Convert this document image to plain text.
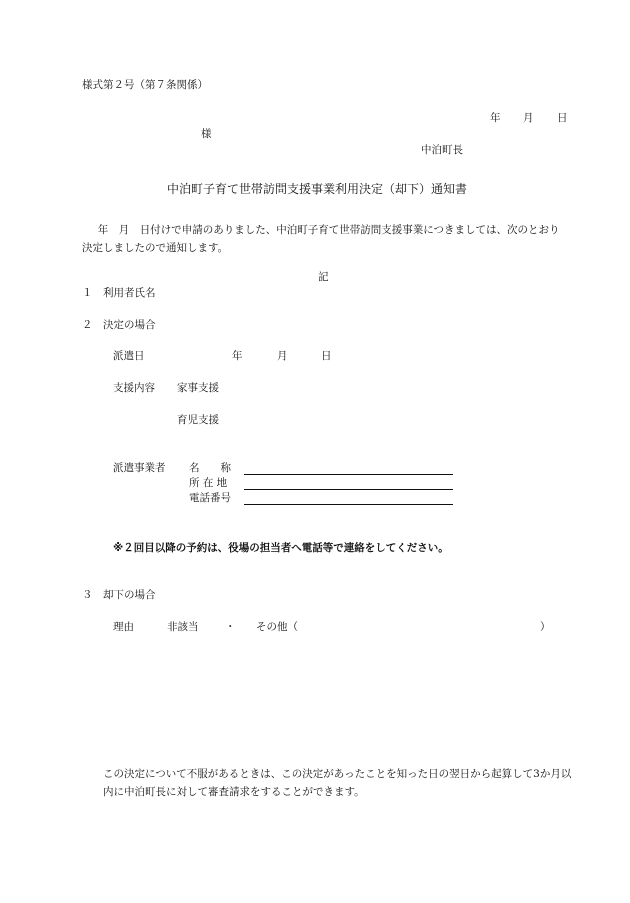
様式第２号（第７条関係）
年 月 日
様
中泊町長
中泊町子育て世帯訪問支援事業利用決定（却下）通知書
年　月　日付けで申請のありました、中泊町子育て世帯訪問支援事業につきましては、次のとおり決定しましたので通知します。
記
１　利用者氏名
２　決定の場合
派遣日	年	月	日
支援内容 家事支援
育児支援
派遣事業者 名　　称
所 在 地
電話番号
※２回目以降の予約は、役場の担当者へ電話等で連絡をしてください。
３　却下の場合
理由	非該当	・ その他（	）
この決定について不服があるときは、この決定があったことを知った日の翌日から起算して3か月以内に中泊町長に対して審査請求をすることができます。
